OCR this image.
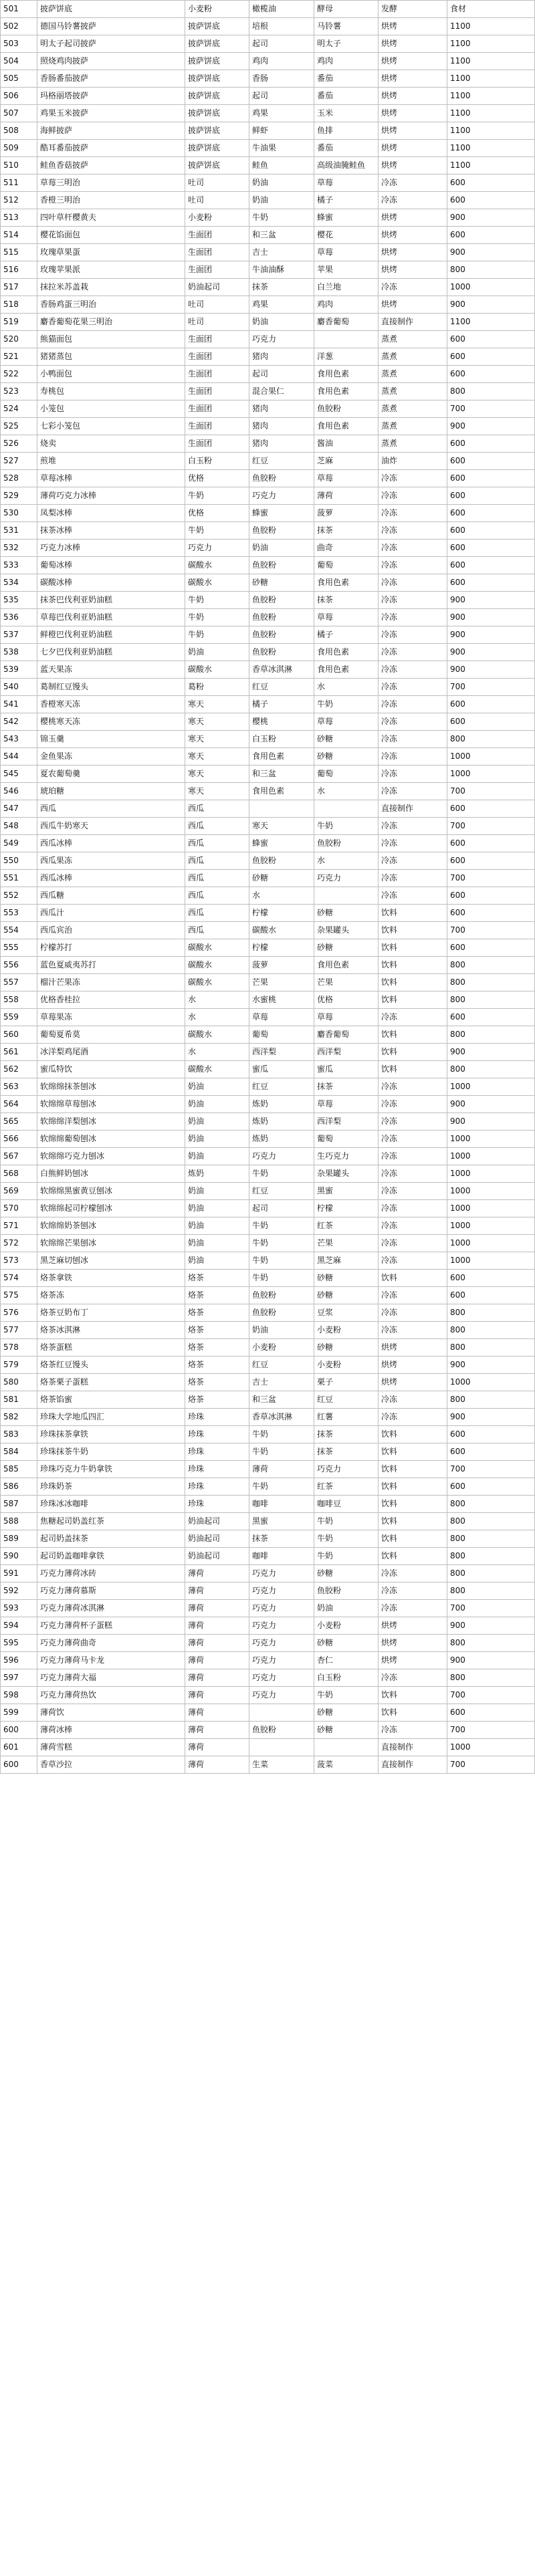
501	披萨饼底	小麦粉	橄榄油	酵母	发酵	食材
502	德国马铃薯披萨	披萨饼底	培根	马铃薯	烘烤	1100
503	明太子起司披萨	披萨饼底	起司	明太子	烘烤	1100
504	照烧鸡肉披萨	披萨饼底	鸡肉	鸡肉	烘烤	1100
505	香肠番茄披萨	披萨饼底	香肠	番茄	烘烤	1100
506	玛格丽塔披萨	披萨饼底	起司	番茄	烘烤	1100
507	鸡果玉米披萨	披萨饼底	鸡果	玉米	烘烤	1100
508	海鲜披萨	披萨饼底	鲜虾	鱼排	烘烤	1100
509	酷耳番茄披萨	披萨饼底	牛油果	番茄	烘烤	1100
510	鲑鱼香菇披萨	披萨饼底	鲑鱼	高级油腌鲑鱼	烘烤	1100
511	草莓三明治	吐司	奶油	草莓	冷冻	600
512	香橙三明治	吐司	奶油	橘子	冷冻	600
513	四叶草杆樱黄夫	小麦粉	牛奶	蜂蜜	烘烤	900
514	樱花馅面包	生面团	和三盆	樱花	烘烤	600
515	玫瑰草果蛋	生面团	吉士	草莓	烘烤	900
516	玫瑰苹果派	生面团	牛油油酥	苹果	烘烤	800
517	抹拉米苏盖栽	奶油起司	抹茶	白兰地	冷冻	1000
518	香肠鸡蛋三明治	吐司	鸡果	鸡肉	烘烤	900
519	麝香葡萄花果三明治	吐司	奶油	麝香葡萄	直接制作	1100
520	熊猫面包	生面团	巧克力		蒸煮	600
521	猪猪蒸包	生面团	猪肉	洋葱	蒸煮	600
522	小鸭面包	生面团	起司	食用色素	蒸煮	600
523	寿桃包	生面团	混合果仁	食用色素	蒸煮	800
524	小笼包	生面团	猪肉	鱼胶粉	蒸煮	700
525	七彩小笼包	生面团	猪肉	食用色素	蒸煮	900
526	烧卖	生面团	猪肉	酱油	蒸煮	600
527	煎堆	白玉粉	红豆	芝麻	油炸	600
528	草莓冰棒	优格	鱼胶粉	草莓	冷冻	600
529	薄荷巧克力冰棒	牛奶	巧克力	薄荷	冷冻	600
530	凤梨冰棒	优格	蜂蜜	菠萝	冷冻	600
531	抹茶冰棒	牛奶	鱼胶粉	抹茶	冷冻	600
532	巧克力冰棒	巧克力	奶油	曲奇	冷冻	600
533	葡萄冰棒	碳酸水	鱼胶粉	葡萄	冷冻	600
534	碳酸冰棒	碳酸水	砂糖	食用色素	冷冻	600
535	抹茶巴伐利亚奶油糕	牛奶	鱼胶粉	抹茶	冷冻	900
536	草莓巴伐利亚奶油糕	牛奶	鱼胶粉	草莓	冷冻	900
537	鲜橙巴伐利亚奶油糕	牛奶	鱼胶粉	橘子	冷冻	900
538	七夕巴伐利亚奶油糕	奶油	鱼胶粉	食用色素	冷冻	900
539	蓝天果冻	碳酸水	香草冰淇淋	食用色素	冷冻	900
540	葛制红豆馒头	葛粉	红豆	水	冷冻	700
541	香橙寒天冻	寒天	橘子	牛奶	冷冻	600
542	樱桃寒天冻	寒天	樱桃	草莓	冷冻	600
543	锦玉羹	寒天	白玉粉	砂糖	冷冻	800
544	金鱼果冻	寒天	食用色素	砂糖	冷冻	1000
545	夏农葡萄羹	寒天	和三盆	葡萄	冷冻	1000
546	琥珀糖	寒天	食用色素	水	冷冻	700
547	西瓜	西瓜			直接制作	600
548	西瓜牛奶寒天	西瓜	寒天	牛奶	冷冻	700
549	西瓜冰棒	西瓜	蜂蜜	鱼胶粉	冷冻	600
550	西瓜果冻	西瓜	鱼胶粉	水	冷冻	600
551	西瓜冰棒	西瓜	砂糖	巧克力	冷冻	700
552	西瓜糖	西瓜	水		冷冻	600
553	西瓜汁	西瓜	柠檬	砂糖	饮料	600
554	西瓜宾治	西瓜	碳酸水	杂果罐头	饮料	700
555	柠檬苏打	碳酸水	柠檬	砂糖	饮料	600
556	蓝色夏威夷苏打	碳酸水	菠萝	食用色素	饮料	800
557	榴汁芒果冻	碳酸水	芒果	芒果	饮料	800
558	优格香桂拉	水	水蜜桃	优格	饮料	800
559	草莓果冻	水	草莓	草莓	冷冻	600
560	葡萄夏希莫	碳酸水	葡萄	麝香葡萄	饮料	800
561	冰洋梨鸡尾酒	水	西洋梨	西洋梨	饮料	900
562	蜜瓜特饮	碳酸水	蜜瓜	蜜瓜	饮料	800
563	软绵绵抹茶刨冰	奶油	红豆	抹茶	冷冻	1000
564	软绵绵草莓刨冰	奶油	炼奶	草莓	冷冻	900
565	软绵绵洋梨刨冰	奶油	炼奶	西洋梨	冷冻	900
566	软绵绵葡萄刨冰	奶油	炼奶	葡萄	冷冻	1000
567	软绵绵巧克力刨冰	奶油	巧克力	生巧克力	冷冻	1000
568	白熊鲜奶刨冰	炼奶	牛奶	杂果罐头	冷冻	1000
569	软绵绵黑蜜黄豆刨冰	奶油	红豆	黑蜜	冷冻	1000
570	软绵绵起司柠檬刨冰	奶油	起司	柠檬	冷冻	1000
571	软绵绵奶茶刨冰	奶油	牛奶	红茶	冷冻	1000
572	软绵绵芒果刨冰	奶油	牛奶	芒果	冷冻	1000
573	黑芝麻切刨冰	奶油	牛奶	黑芝麻	冷冻	1000
574	烙茶拿铁	烙茶	牛奶	砂糖	饮料	600
575	烙茶冻	烙茶	鱼胶粉	砂糖	冷冻	600
576	烙茶豆奶布丁	烙茶	鱼胶粉	豆浆	冷冻	800
577	烙茶冰淇淋	烙茶	奶油	小麦粉	冷冻	800
578	烙茶蛋糕	烙茶	小麦粉	砂糖	烘烤	800
579	烙茶红豆馒头	烙茶	红豆	小麦粉	烘烤	900
580	烙茶栗子蛋糕	烙茶	吉士	栗子	烘烤	1000
581	烙茶馅蜜	烙茶	和三盆	红豆	冷冻	800
582	珍珠大学地瓜四汇	珍珠	香草冰淇淋	红薯	冷冻	900
583	珍珠抹茶拿铁	珍珠	牛奶	抹茶	饮料	600
584	珍珠抹茶牛奶	珍珠	牛奶	抹茶	饮料	600
585	珍珠巧克力牛奶拿铁	珍珠	薄荷	巧克力	饮料	700
586	珍珠奶茶	珍珠	牛奶	红茶	饮料	600
587	珍珠冰冰咖啡	珍珠	咖啡	咖啡豆	饮料	800
588	焦糖起司奶盖红茶	奶油起司	黑蜜	牛奶	饮料	800
589	起司奶盖抹茶	奶油起司	抹茶	牛奶	饮料	800
590	起司奶盖咖啡拿铁	奶油起司	咖啡	牛奶	饮料	800
591	巧克力薄荷冰砖	薄荷	巧克力	砂糖	冷冻	800
592	巧克力薄荷慕斯	薄荷	巧克力	鱼胶粉	冷冻	800
593	巧克力薄荷冰淇淋	薄荷	巧克力	奶油	冷冻	700
594	巧克力薄荷杯子蛋糕	薄荷	巧克力	小麦粉	烘烤	900
595	巧克力薄荷曲奇	薄荷	巧克力	砂糖	烘烤	800
596	巧克力薄荷马卡龙	薄荷	巧克力	杏仁	烘烤	900
597	巧克力薄荷大福	薄荷	巧克力	白玉粉	冷冻	800
598	巧克力薄荷热饮	薄荷	巧克力	牛奶	饮料	700
599	薄荷饮	薄荷		砂糖	饮料	600
600	薄荷冰棒	薄荷	鱼胶粉	砂糖	冷冻	700
601	薄荷雪糕	薄荷			直接制作	1000
600	香草沙拉	薄荷	生菜	菠菜	直接制作	700
